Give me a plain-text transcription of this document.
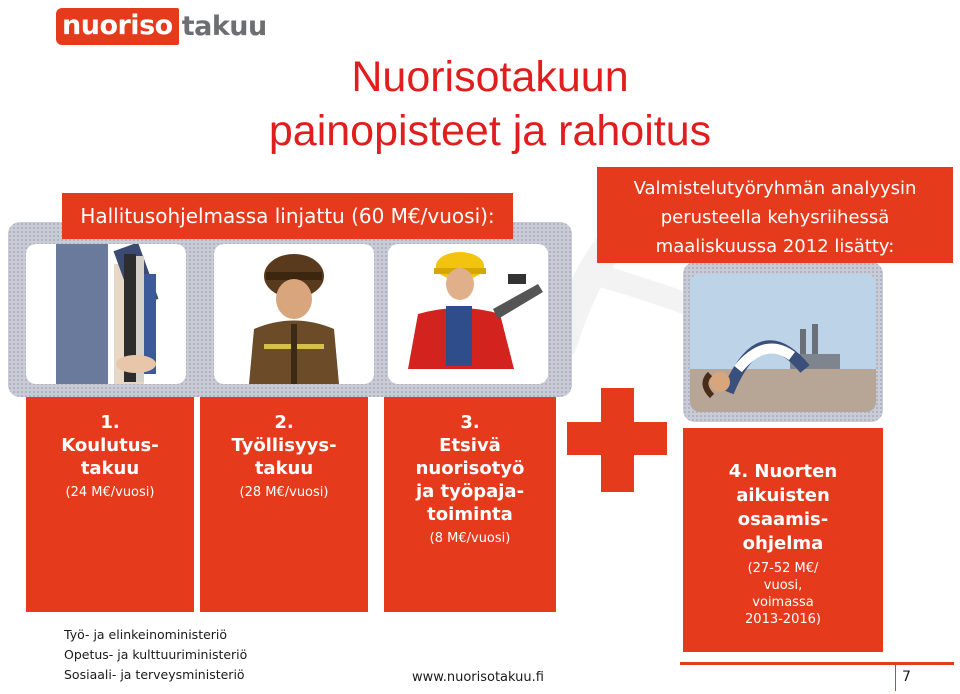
nuoriso takuu
Nuorisotakuun
painopisteet ja rahoitus
Hallitusohjelmassa linjattu (60 M€/vuosi):
Valmistelutyöryhmän analyysin
perusteella kehysriihessä
maaliskuussa 2012 lisätty:
1.
Koulutus-
takuu
(24 M€/vuosi)
2.
Työllisyys-
takuu
(28 M€/vuosi)
3.
Etsivä
nuorisotyö
ja työpaja-
toiminta
(8 M€/vuosi)
4. Nuorten
aikuisten
osaamis-
ohjelma
(27-52 M€/
vuosi,
voimassa
2013-2016)
Työ- ja elinkeinoministeriö
Opetus- ja kulttuuriministeriö
Sosiaali- ja terveysministeriö	www.nuorisotakuu.fi	7
